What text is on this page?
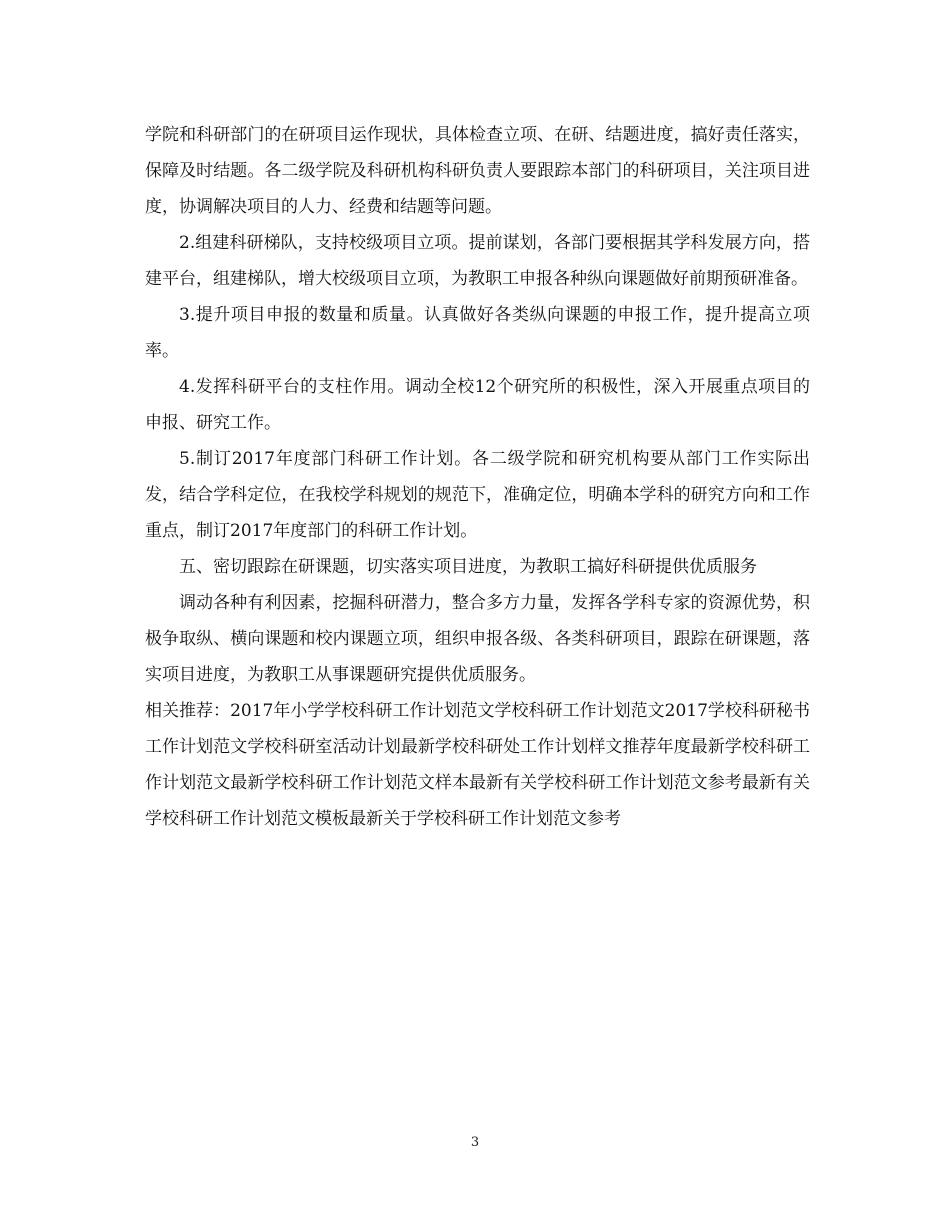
学院和科研部门的在研项目运作现状，具体检查立项、在研、结题进度，搞好责任落实，保障及时结题。各二级学院及科研机构科研负责人要跟踪本部门的科研项目，关注项目进度，协调解决项目的人力、经费和结题等问题。

2.组建科研梯队，支持校级项目立项。提前谋划，各部门要根据其学科发展方向，搭建平台，组建梯队，增大校级项目立项，为教职工申报各种纵向课题做好前期预研准备。

3.提升项目申报的数量和质量。认真做好各类纵向课题的申报工作，提升提高立项率。

4.发挥科研平台的支柱作用。调动全校12个研究所的积极性，深入开展重点项目的申报、研究工作。

5.制订2017年度部门科研工作计划。各二级学院和研究机构要从部门工作实际出发，结合学科定位，在我校学科规划的规范下，准确定位，明确本学科的研究方向和工作重点，制订2017年度部门的科研工作计划。

五、密切跟踪在研课题，切实落实项目进度，为教职工搞好科研提供优质服务

调动各种有利因素，挖掘科研潜力，整合多方力量，发挥各学科专家的资源优势，积极争取纵、横向课题和校内课题立项，组织申报各级、各类科研项目，跟踪在研课题，落实项目进度，为教职工从事课题研究提供优质服务。

相关推荐：2017年小学学校科研工作计划范文学校科研工作计划范文2017学校科研秘书工作计划范文学校科研室活动计划最新学校科研处工作计划样文推荐年度最新学校科研工作计划范文最新学校科研工作计划范文样本最新有关学校科研工作计划范文参考最新有关学校科研工作计划范文模板最新关于学校科研工作计划范文参考

3
